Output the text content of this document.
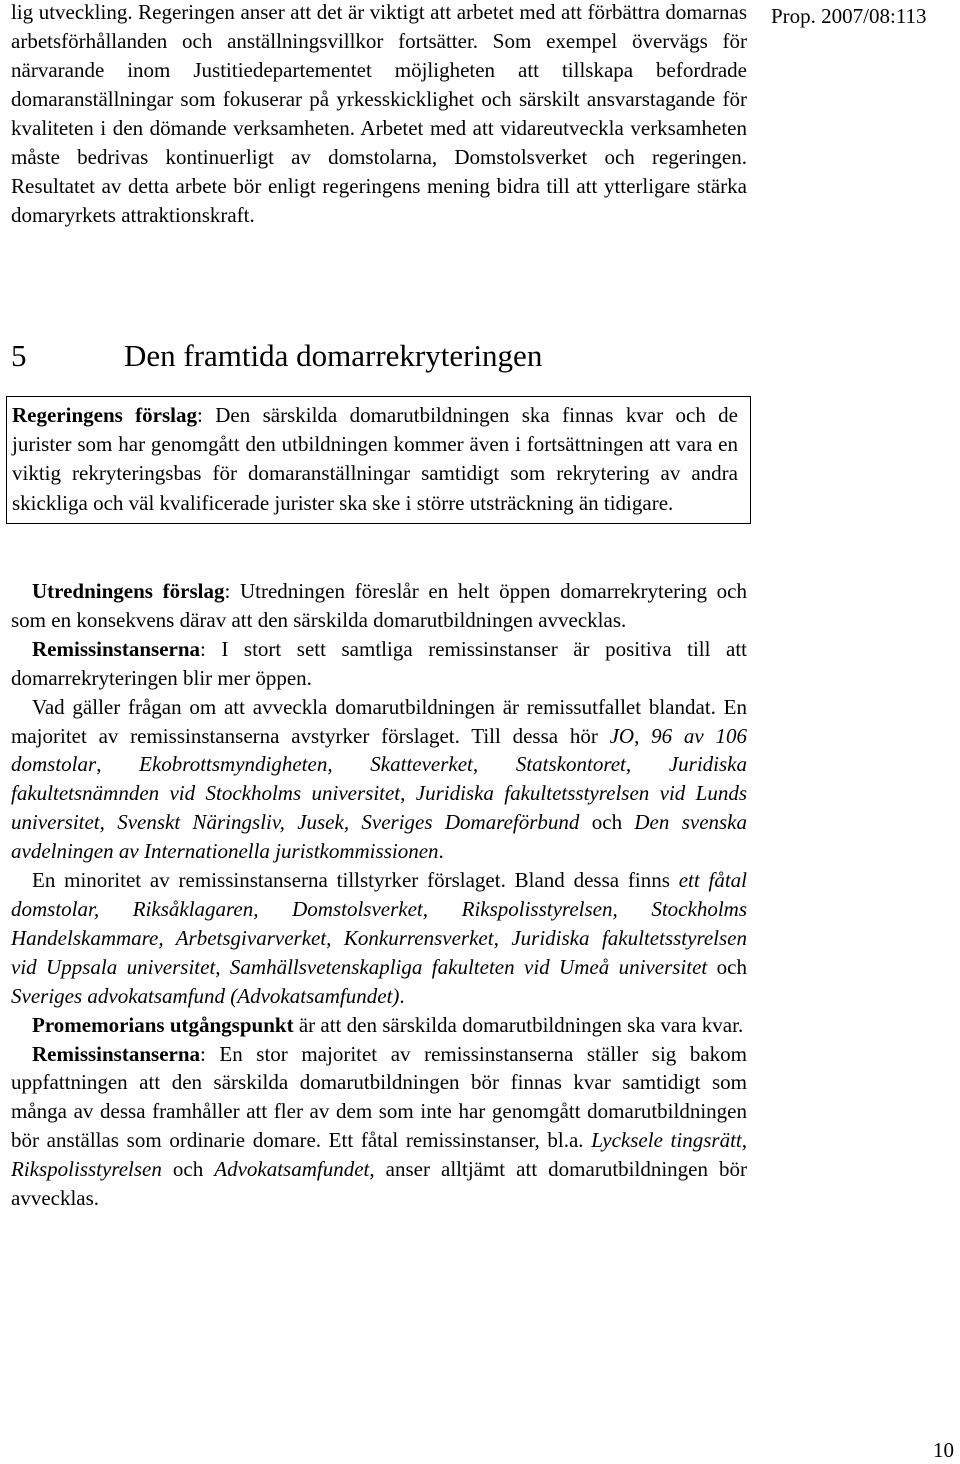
Prop. 2007/08:113

lig utveckling. Regeringen anser att det är viktigt att arbetet med att förbättra domarnas arbetsförhållanden och anställningsvillkor fortsätter. Som exempel övervägs för närvarande inom Justitiedepartementet möjligheten att tillskapa befordrade domaranställningar som fokuserar på yrkesskicklighet och särskilt ansvarstagande för kvaliteten i den dömande verksamheten. Arbetet med att vidareutveckla verksamheten måste bedrivas kontinuerligt av domstolarna, Domstolsverket och regeringen. Resultatet av detta arbete bör enligt regeringens mening bidra till att ytterligare stärka domaryrkets attraktionskraft.

5	Den framtida domarrekryteringen

Regeringens förslag: Den särskilda domarutbildningen ska finnas kvar och de jurister som har genomgått den utbildningen kommer även i fortsättningen att vara en viktig rekryteringsbas för domaranställningar samtidigt som rekrytering av andra skickliga och väl kvalificerade jurister ska ske i större utsträckning än tidigare.

Utredningens förslag: Utredningen föreslår en helt öppen domarrekrytering och som en konsekvens därav att den särskilda domarutbildningen avvecklas.

Remissinstanserna: I stort sett samtliga remissinstanser är positiva till att domarrekryteringen blir mer öppen.

Vad gäller frågan om att avveckla domarutbildningen är remissutfallet blandat. En majoritet av remissinstanserna avstyrker förslaget. Till dessa hör JO, 96 av 106 domstolar, Ekobrottsmyndigheten, Skatteverket, Statskontoret, Juridiska fakultetsnämnden vid Stockholms universitet, Juridiska fakultetsstyrelsen vid Lunds universitet, Svenskt Näringsliv, Jusek, Sveriges Domareförbund och Den svenska avdelningen av Internationella juristkommissionen.

En minoritet av remissinstanserna tillstyrker förslaget. Bland dessa finns ett fåtal domstolar, Riksåklagaren, Domstolsverket, Rikspolisstyrelsen, Stockholms Handelskammare, Arbetsgivarverket, Konkurrensverket, Juridiska fakultetsstyrelsen vid Uppsala universitet, Samhällsvetenskapliga fakulteten vid Umeå universitet och Sveriges advokatsamfund (Advokatsamfundet).

Promemorians utgångspunkt är att den särskilda domarutbildningen ska vara kvar.

Remissinstanserna: En stor majoritet av remissinstanserna ställer sig bakom uppfattningen att den särskilda domarutbildningen bör finnas kvar samtidigt som många av dessa framhåller att fler av dem som inte har genomgått domarutbildningen bör anställas som ordinarie domare. Ett fåtal remissinstanser, bl.a. Lycksele tingsrätt, Rikspolisstyrelsen och Advokatsamfundet, anser alltjämt att domarutbildningen bör avvecklas.

10
